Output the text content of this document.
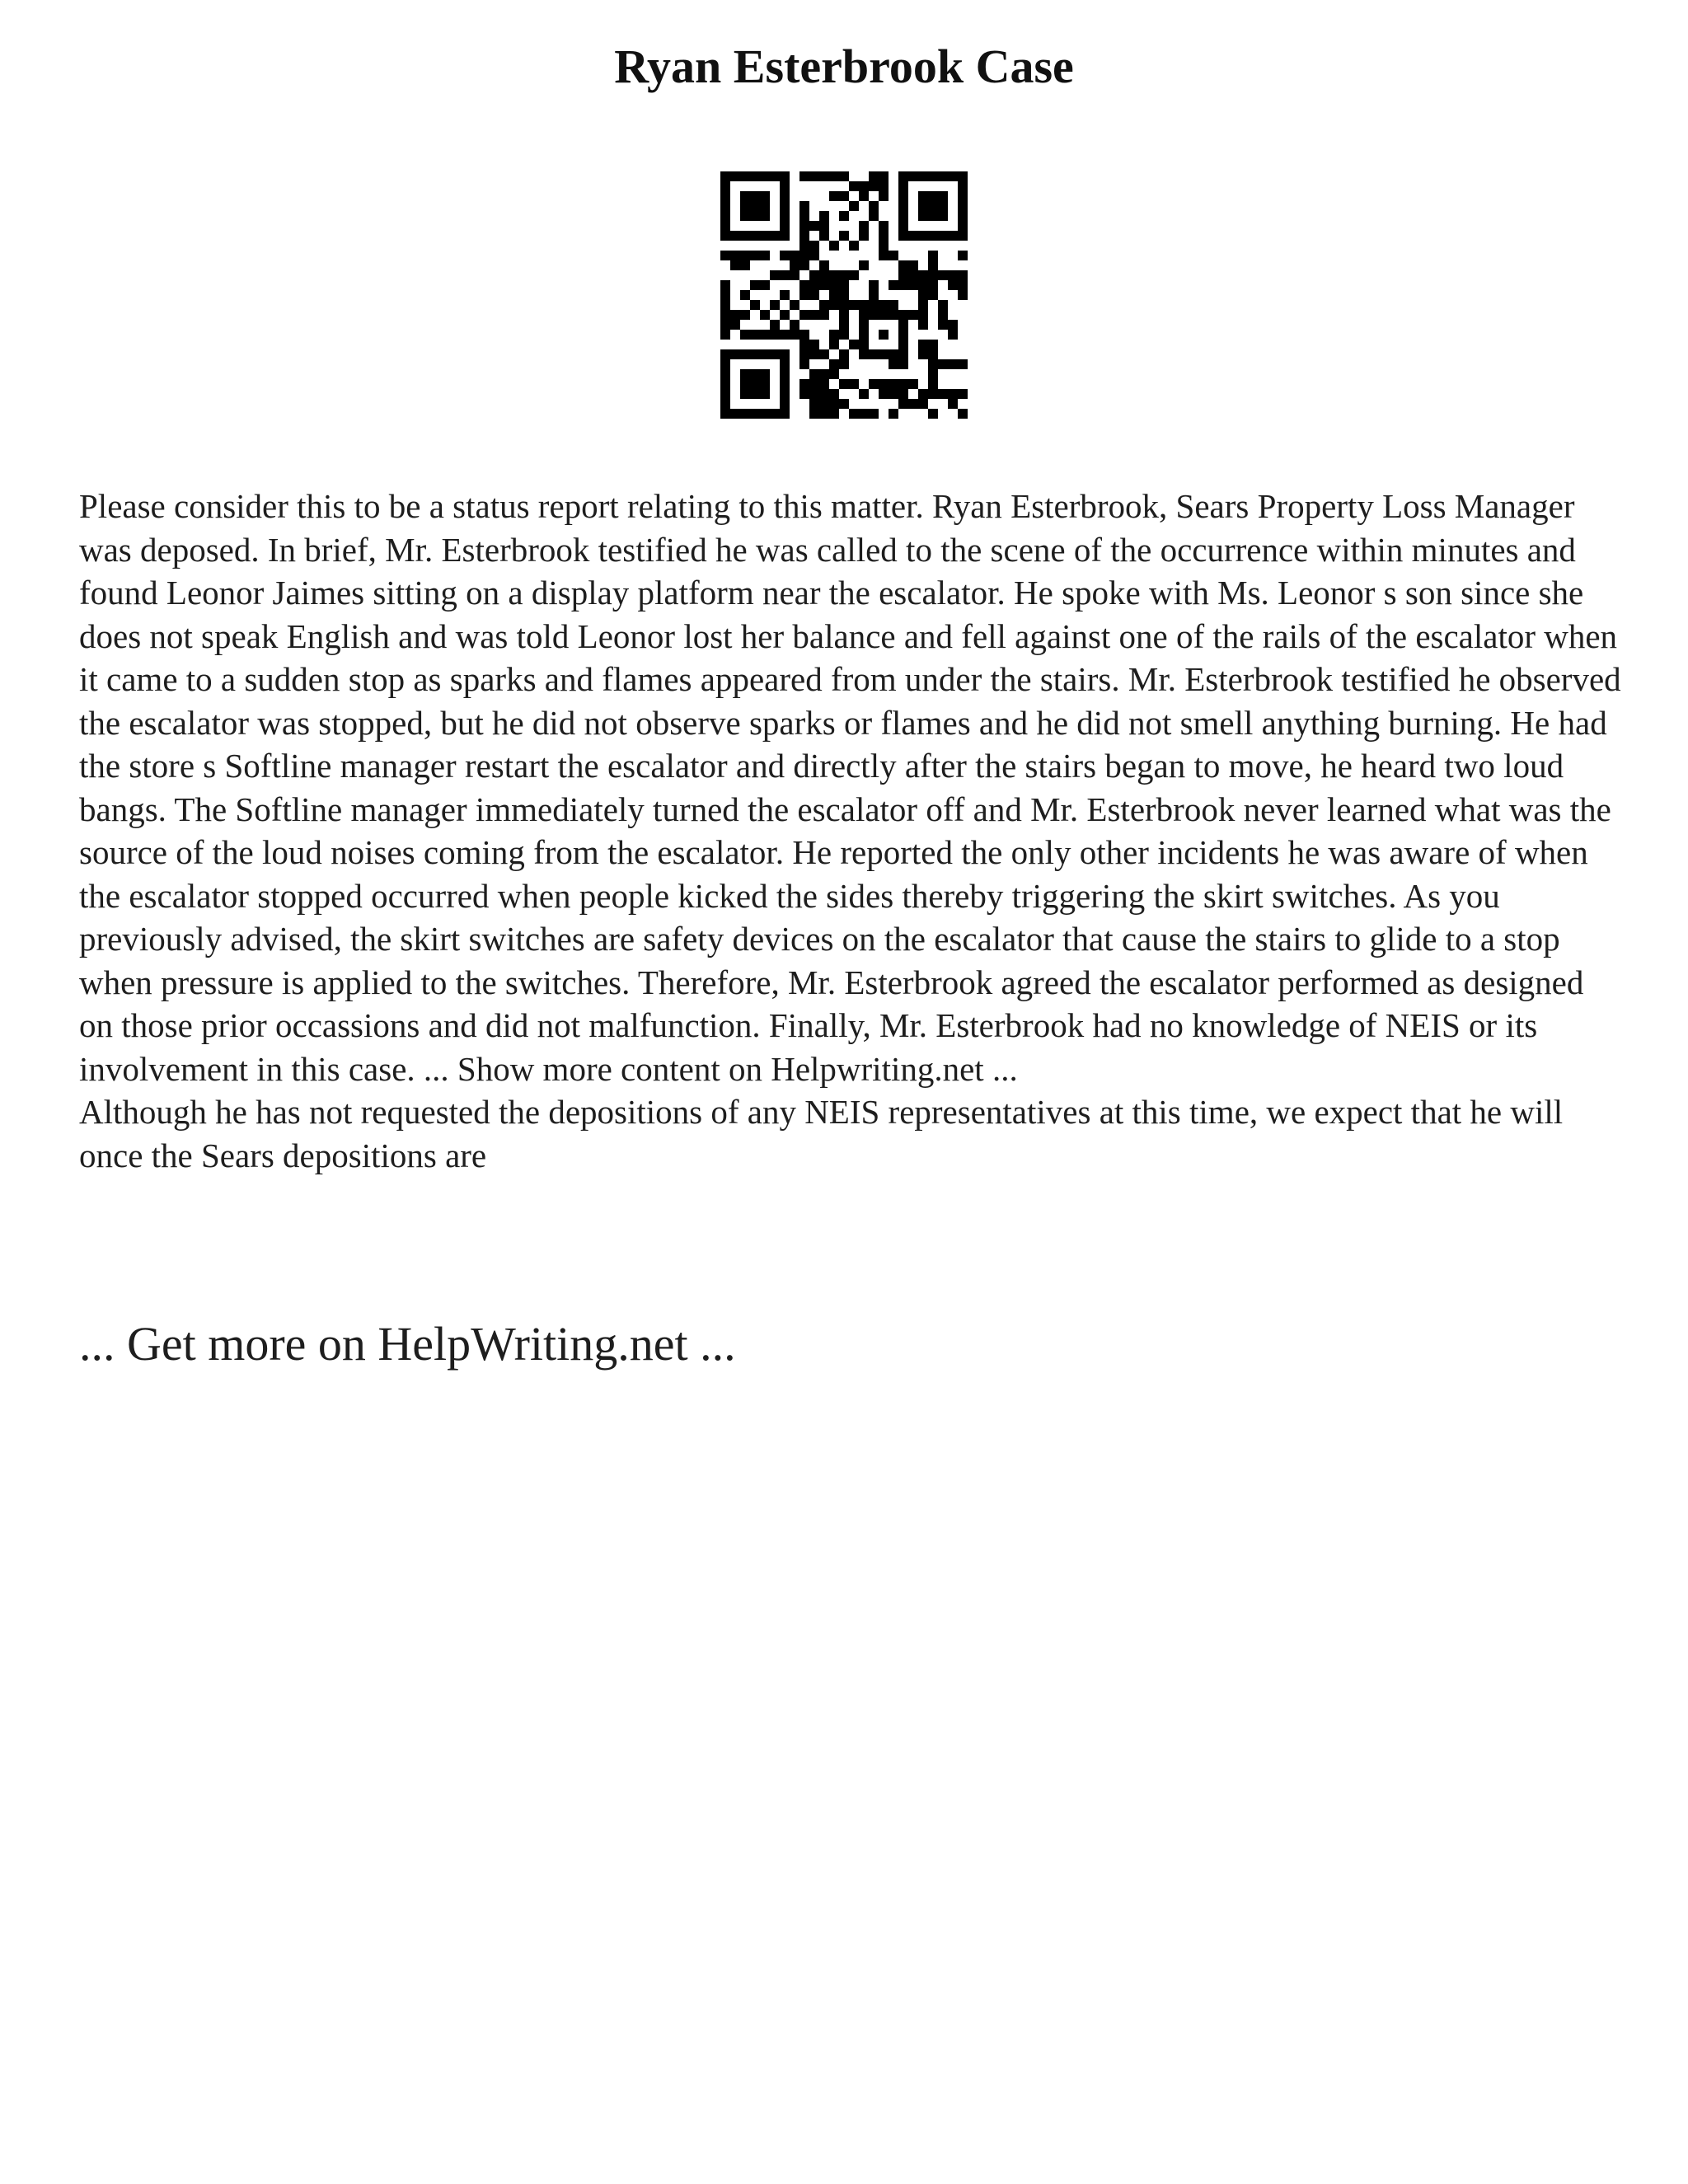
Ryan Esterbrook Case

Please consider this to be a status report relating to this matter. Ryan Esterbrook, Sears Property Loss Manager was deposed. In brief, Mr. Esterbrook testified he was called to the scene of the occurrence within minutes and found Leonor Jaimes sitting on a display platform near the escalator. He spoke with Ms. Leonor s son since she does not speak English and was told Leonor lost her balance and fell against one of the rails of the escalator when it came to a sudden stop as sparks and flames appeared from under the stairs. Mr. Esterbrook testified he observed the escalator was stopped, but he did not observe sparks or flames and he did not smell anything burning. He had the store s Softline manager restart the escalator and directly after the stairs began to move, he heard two loud bangs. The Softline manager immediately turned the escalator off and Mr. Esterbrook never learned what was the source of the loud noises coming from the escalator. He reported the only other incidents he was aware of when the escalator stopped occurred when people kicked the sides thereby triggering the skirt switches. As you previously advised, the skirt switches are safety devices on the escalator that cause the stairs to glide to a stop when pressure is applied to the switches. Therefore, Mr. Esterbrook agreed the escalator performed as designed on those prior occassions and did not malfunction. Finally, Mr. Esterbrook had no knowledge of NEIS or its involvement in this case. ... Show more content on Helpwriting.net ...

Although he has not requested the depositions of any NEIS representatives at this time, we expect that he will once the Sears depositions are

... Get more on HelpWriting.net ...
